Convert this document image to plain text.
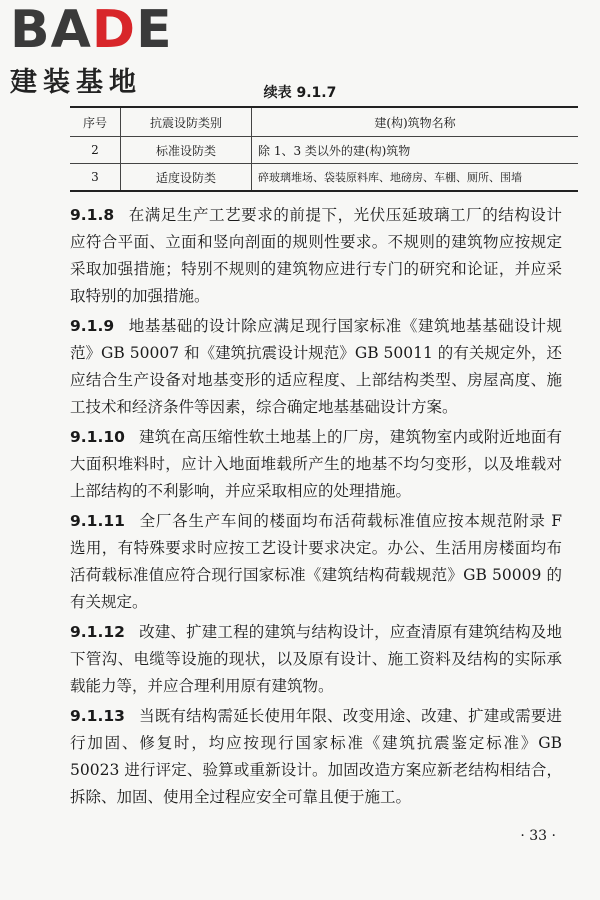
BADE
建装基地	续表 9.1.7
序号	抗震设防类别	建(构)筑物名称
2	标准设防类	除 1、3 类以外的建(构)筑物
3	适度设防类	碎玻璃堆场、袋装原料库、地磅房、车棚、厕所、围墙

9.1.8 在满足生产工艺要求的前提下，光伏压延玻璃工厂的结构设计应符合平面、立面和竖向剖面的规则性要求。不规则的建筑物应按规定采取加强措施；特别不规则的建筑物应进行专门的研究和论证，并应采取特别的加强措施。

9.1.9 地基基础的设计除应满足现行国家标准《建筑地基基础设计规范》GB 50007 和《建筑抗震设计规范》GB 50011 的有关规定外，还应结合生产设备对地基变形的适应程度、上部结构类型、房屋高度、施工技术和经济条件等因素，综合确定地基基础设计方案。

9.1.10 建筑在高压缩性软土地基上的厂房，建筑物室内或附近地面有大面积堆料时，应计入地面堆载所产生的地基不均匀变形，以及堆载对上部结构的不利影响，并应采取相应的处理措施。

9.1.11 全厂各生产车间的楼面均布活荷载标准值应按本规范附录 F 选用，有特殊要求时应按工艺设计要求决定。办公、生活用房楼面均布活荷载标准值应符合现行国家标准《建筑结构荷载规范》GB 50009 的有关规定。

9.1.12 改建、扩建工程的建筑与结构设计，应查清原有建筑结构及地下管沟、电缆等设施的现状，以及原有设计、施工资料及结构的实际承载能力等，并应合理利用原有建筑物。

9.1.13 当既有结构需延长使用年限、改变用途、改建、扩建或需要进行加固、修复时，均应按现行国家标准《建筑抗震鉴定标准》GB 50023 进行评定、验算或重新设计。加固改造方案应新老结构相结合，拆除、加固、使用全过程应安全可靠且便于施工。

· 33 ·
